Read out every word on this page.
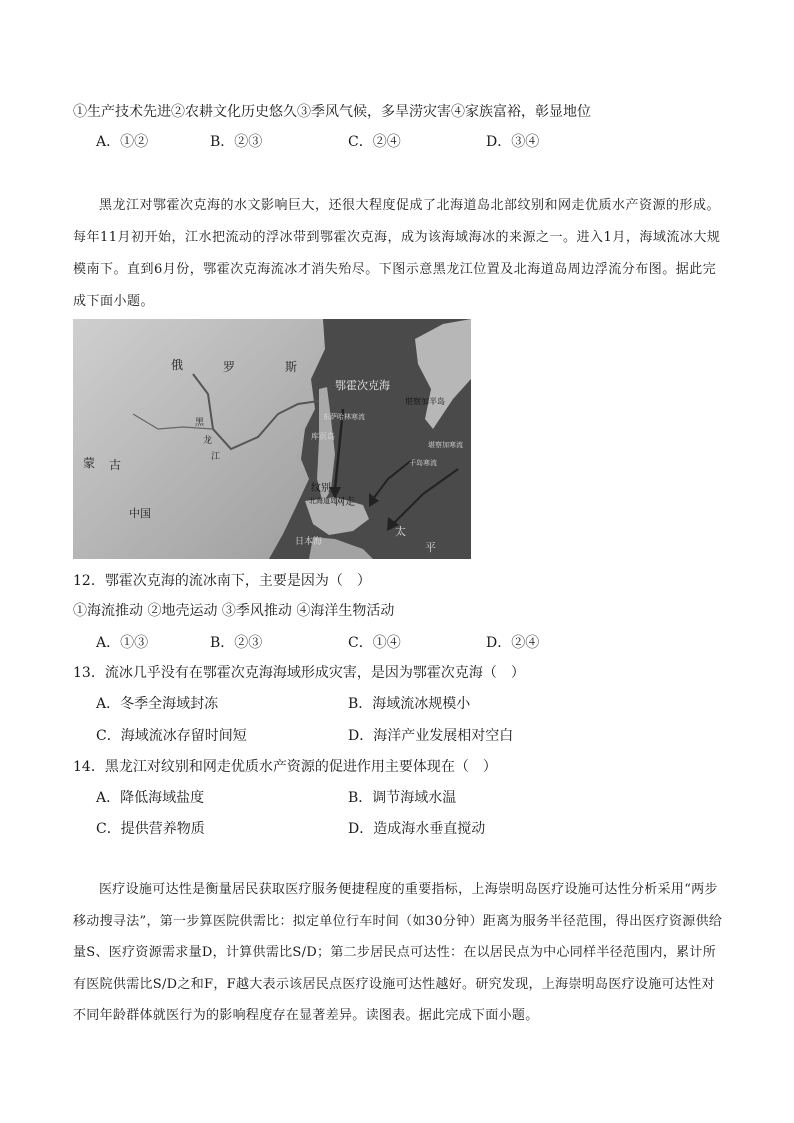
①生产技术先进②农耕文化历史悠久③季风气候，多旱涝灾害④家族富裕，彰显地位
A．①②	B．②③	C．②④	D．③④
黑龙江对鄂霍次克海的水文影响巨大，还很大程度促成了北海道岛北部纹别和网走优质水产资源的形成。每年11月初开始，江水把流动的浮冰带到鄂霍次克海，成为该海域海冰的来源之一。进入1月，海域流冰大规模南下。直到6月份，鄂霍次克海流冰才消失殆尽。下图示意黑龙江位置及北海道岛周边浮流分布图。据此完成下面小题。
俄	罗	斯
鄂霍次克海
堪察加半岛
蒙 古
中国
黑
龙
江
库页岛
纹别
网走
北海道岛
日本海
太
平
东萨哈林寒流
千岛寒流
堪察加寒流
12．鄂霍次克海的流冰南下，主要是因为（　）
①海流推动 ②地壳运动 ③季风推动 ④海洋生物活动
A．①③	B．②③	C．①④	D．②④
13．流冰几乎没有在鄂霍次克海海域形成灾害，是因为鄂霍次克海（　）
A．冬季全海域封冻	B．海域流冰规模小
C．海域流冰存留时间短	D．海洋产业发展相对空白
14．黑龙江对纹别和网走优质水产资源的促进作用主要体现在（　）
A．降低海域盐度	B．调节海域水温
C．提供营养物质	D．造成海水垂直搅动
医疗设施可达性是衡量居民获取医疗服务便捷程度的重要指标，上海崇明岛医疗设施可达性分析采用“两步移动搜寻法”，第一步算医院供需比：拟定单位行车时间（如30分钟）距离为服务半径范围，得出医疗资源供给量S、医疗资源需求量D，计算供需比S/D；第二步居民点可达性：在以居民点为中心同样半径范围内，累计所有医院供需比S/D之和F，F越大表示该居民点医疗设施可达性越好。研究发现，上海崇明岛医疗设施可达性对不同年龄群体就医行为的影响程度存在显著差异。读图表。据此完成下面小题。
